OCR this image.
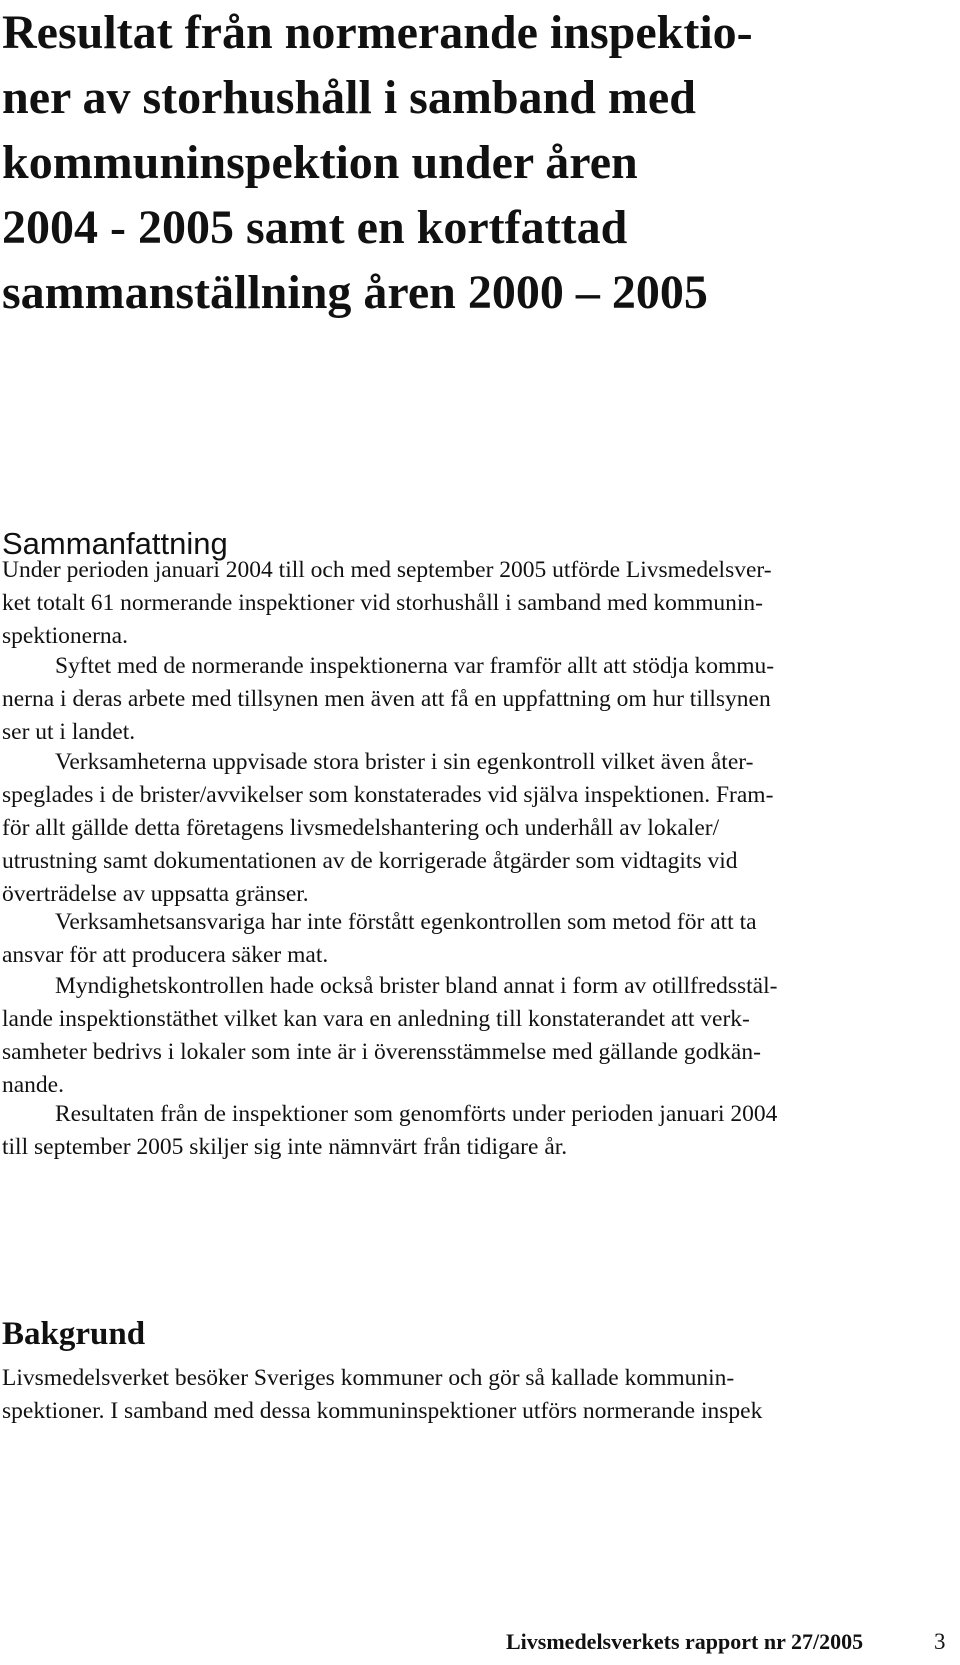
Resultat från normerande inspektio-
ner av storhushåll i samband med
kommuninspektion under åren
2004 - 2005 samt en kortfattad
sammanställning åren 2000 – 2005
Sammanfattning

Under perioden januari 2004 till och med september 2005 utförde Livsmedelsver-
ket totalt 61 normerande inspektioner vid storhushåll i samband med kommunin-
spektionerna.

Syftet med de normerande inspektionerna var framför allt att stödja kommu-
nerna i deras arbete med tillsynen men även att få en uppfattning om hur tillsynen
ser ut i landet.

Verksamheterna uppvisade stora brister i sin egenkontroll vilket även åter-
speglades i de brister/avvikelser som konstaterades vid själva inspektionen. Fram-
för allt gällde detta företagens livsmedelshantering och underhåll av lokaler/
utrustning samt dokumentationen av de korrigerade åtgärder som vidtagits vid
överträdelse av uppsatta gränser.

Verksamhetsansvariga har inte förstått egenkontrollen som metod för att ta
ansvar för att producera säker mat.

Myndighetskontrollen hade också brister bland annat i form av otillfredsstäl-
lande inspektionstäthet vilket kan vara en anledning till konstaterandet att verk-
samheter bedrivs i lokaler som inte är i överensstämmelse med gällande godkän-
nande.

Resultaten från de inspektioner som genomförts under perioden januari 2004
till september 2005 skiljer sig inte nämnvärt från tidigare år.

Bakgrund

Livsmedelsverket besöker Sveriges kommuner och gör så kallade kommunin-
spektioner. I samband med dessa kommuninspektioner utförs normerande inspek

Livsmedelsverkets rapport nr 27/2005	3
